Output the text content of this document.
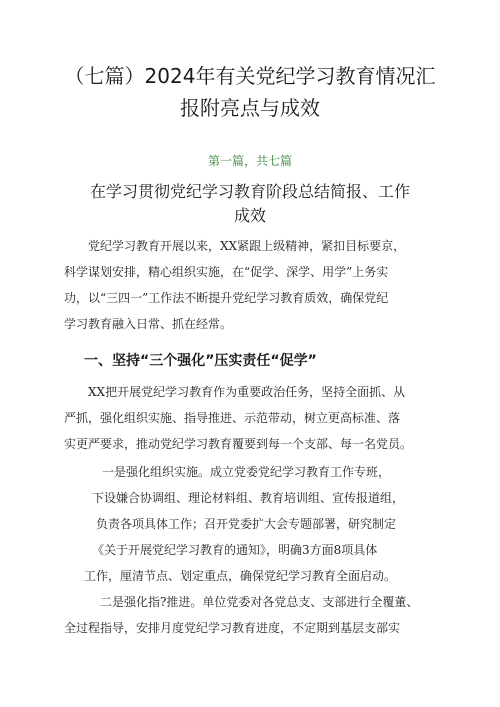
（七篇）2024年有关党纪学习教育情况汇
报附亮点与成效

第一篇，共七篇

在学习贯彻党纪学习教育阶段总结简报、工作
成效
党纪学习教育开展以来，XX紧跟上级精神，紧扣目标要京，
科学谋划安排，精心组织实施，在“促学、深学、用学”上务实
功，以“三四一”工作法不断提升党纪学习教育质效，确保党纪
学习教育融入日常、抓在经常。
一、坚持“三个强化”压实责任“促学”
XX把开展党纪学习教育作为重要政治任务，坚持全面抓、从
严抓，强化组织实施、指导推进、示范带动，树立更高标准、落
实更严要求，推动党纪学习教育覆要到每一个支部、每一名党员。
一是强化组织实施。成立党委党纪学习教育工作专班，
下设嫌合协调组、理论材料组、教育培训组、宣传报道组，
负责各项具体工作；召开党委扩大会专题部署，研究制定
《关于开展党纪学习教育的通知》，明确3方面8项具体
工作，厘清节点、划定重点，确保党纪学习教育全面启动。
二是强化指?推进。单位党委对各党总支、支部进行全覆董、
全过程指导，安排月度党纪学习教育进度，不定期到基层支部实
